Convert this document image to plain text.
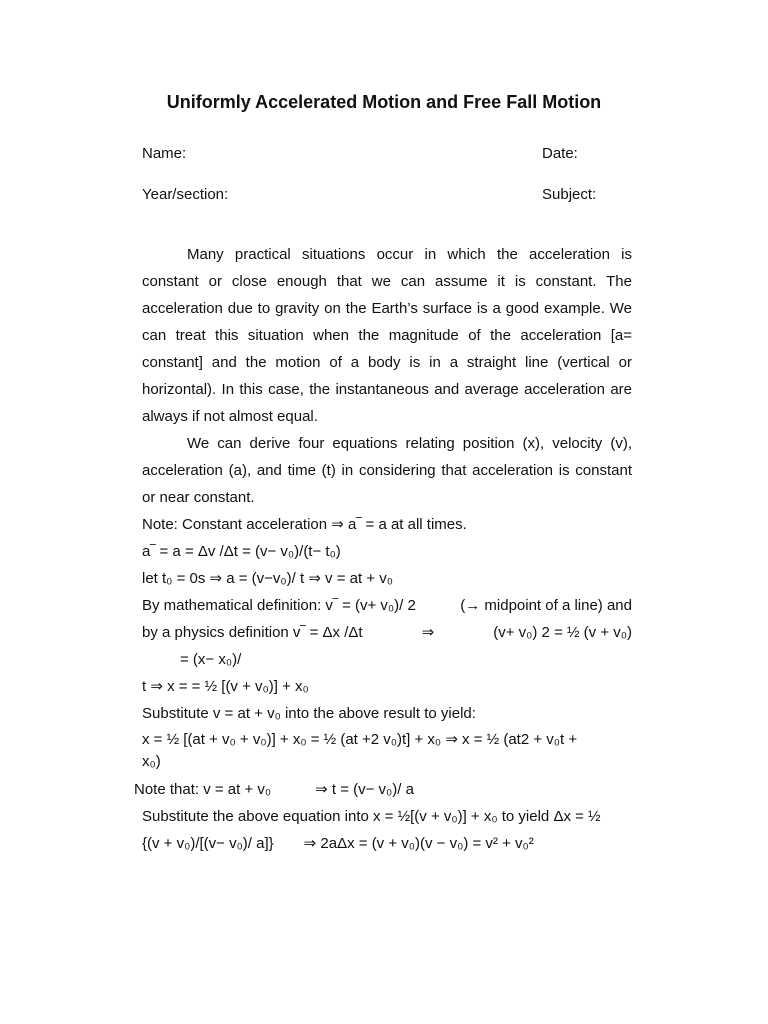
Uniformly Accelerated Motion and Free Fall Motion
Name:	Date:
Year/section:	Subject:

Many practical situations occur in which the acceleration is constant or close enough that we can assume it is constant. The acceleration due to gravity on the Earth’s surface is a good example. We can treat this situation when the magnitude of the acceleration [a= constant] and the motion of a body is in a straight line (vertical or horizontal). In this case, the instantaneous and average acceleration are always if not almost equal.

We can derive four equations relating position (x), velocity (v), acceleration (a), and time (t) in considering that acceleration is constant or near constant.

Note: Constant acceleration ⇒ a‾ = a at all times.
a‾ = a = Δv /Δt = (v− v₀)/(t− t₀)
let t₀ = 0s ⇒ a = (v−v₀)/ t ⇒ v = at + v₀
By mathematical definition: v‾ = (v+ v₀)/ 2	(→ midpoint of a line) and
by a physics definition v‾ = Δx /Δt	⇒	(v+ v₀) 2 = ½ (v + v₀)
= (x− x₀)/
t ⇒ x = = ½ [(v + v₀)] + x₀
Substitute v = at + v₀ into the above result to yield:
x = ½ [(at + v₀ + v₀)] + x₀ = ½ (at +2 v₀)t] + x₀ ⇒ x = ½ (at2 + v₀t +
x₀)
Note that: v = at + v₀	⇒ t = (v− v₀)/ a
Substitute the above equation into x = ½[(v + v₀)] + x₀ to yield Δx = ½
{(v + v₀)/[(v− v₀)/ a]} ⇒ 2aΔx = (v + v₀)(v − v₀) = v² + v₀²
